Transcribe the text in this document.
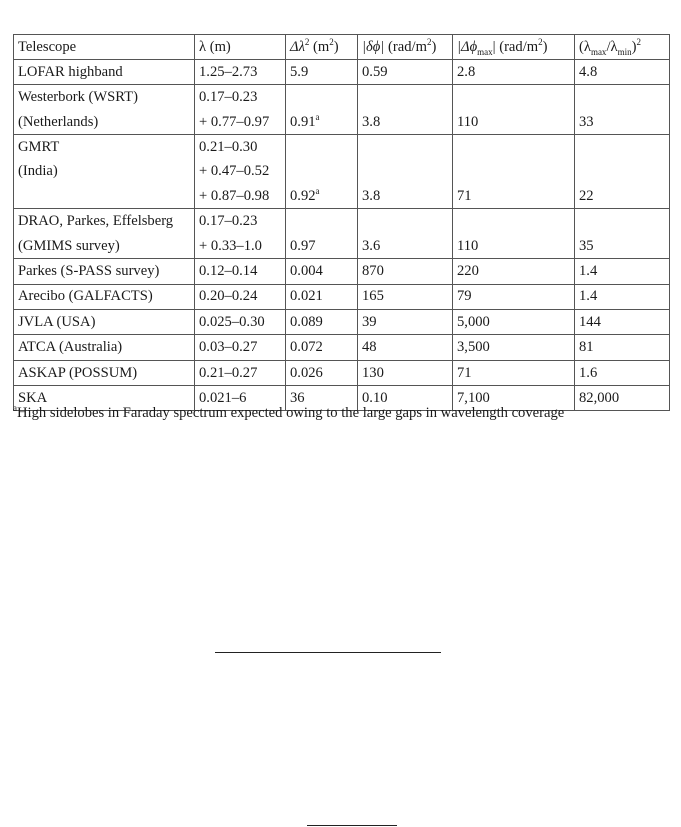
Telescope	λ (m)	$\Delta\lambda^2$ $(m^2)$	|δϕ| $(rad/m^2)$	$|\Delta\phi_{max}|$ $(rad/m^2)$	$(\lambda_{max}/\lambda_{min})^2$
LOFAR highband	1.25–2.73	5.9	0.59	2.8	4.8
Westerbork (WSRT)	0.17–0.23				
(Netherlands)	+ 0.77–0.97	0.91$^a$	3.8	110	33
GMRT	0.21–0.30				
(India)	+ 0.47–0.52				
	+ 0.87–0.98	0.92$^a$	3.8	71	22
DRAO, Parkes, Effelsberg	0.17–0.23				
(GMIMS survey)	+ 0.33–1.0	0.97	3.6	110	35
Parkes (S-PASS survey)	0.12–0.14	0.004	870	220	1.4
Arecibo (GALFACTS)	0.20–0.24	0.021	165	79	1.4
JVLA (USA)	0.025–0.30	0.089	39	5,000	144
ATCA (Australia)	0.03–0.27	0.072	48	3,500	81
ASKAP (POSSUM)	0.21–0.27	0.026	130	71	1.6
SKA	0.021–6	36	0.10	7,100	82,000
$^a$High sidelobes in Faraday spectrum expected owing to the large gaps in wavelength coverage
